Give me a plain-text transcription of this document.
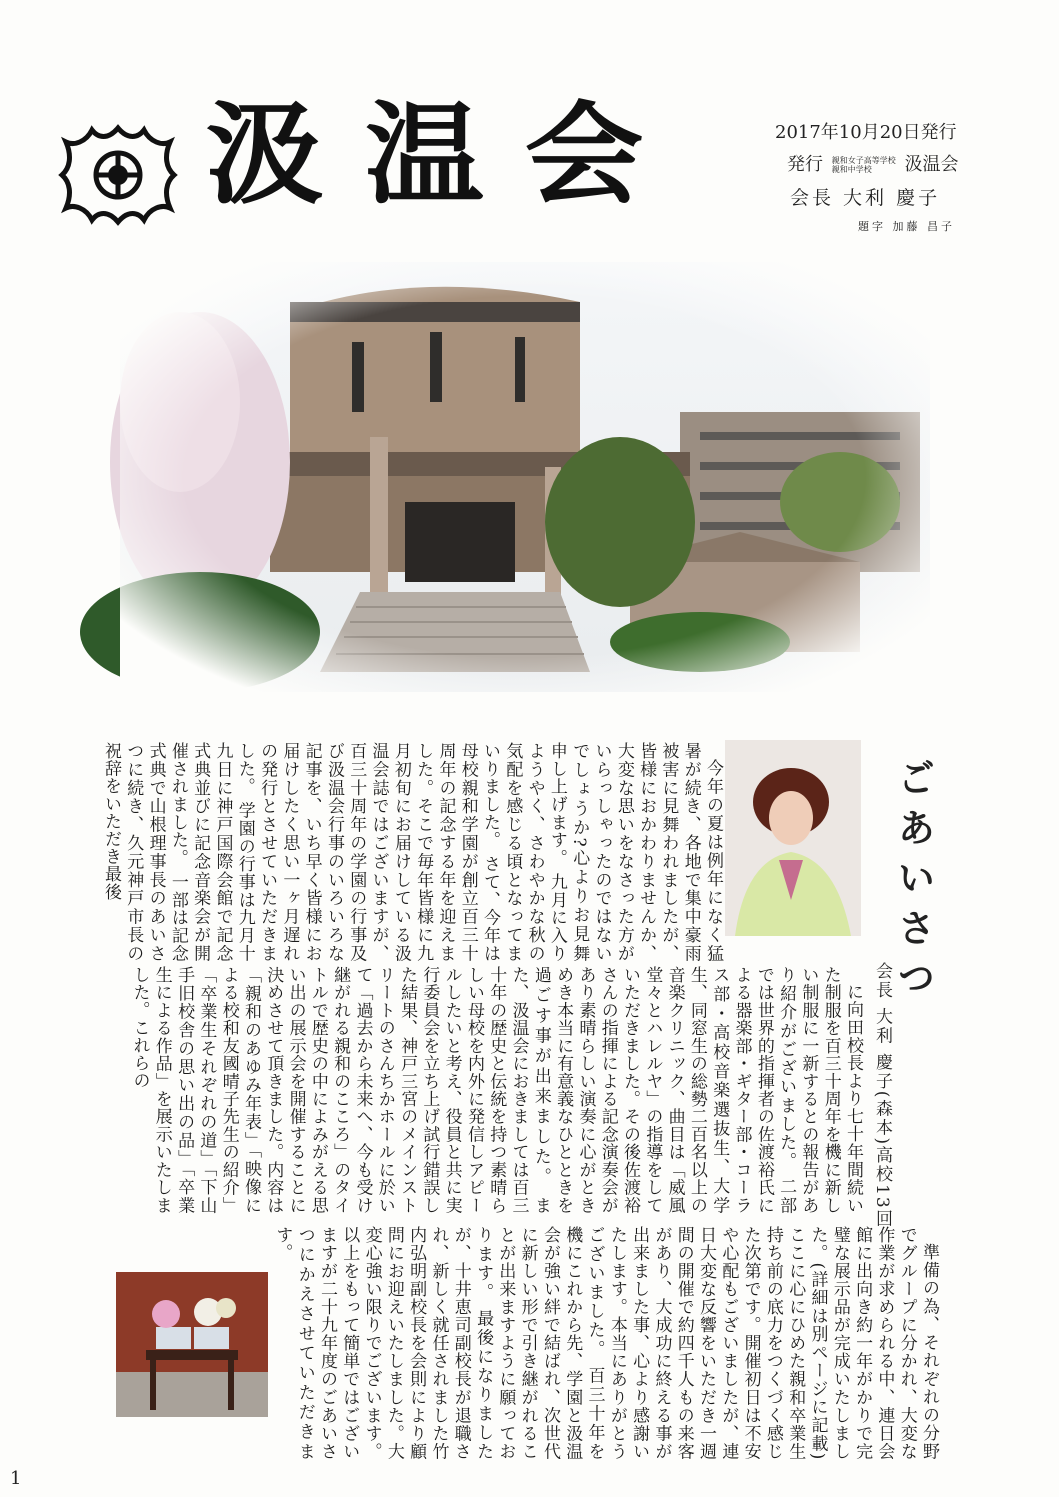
汲温会	2017年10月20日発行
発行 親和女子高等学校
親和中学校 汲温会
会長 大利 慶子
題字 加藤 昌子
ごあいさつ
会長 大利 慶子(森本)高校13回

今年の夏は例年になく猛暑が続き、各地で集中豪雨被害に見舞われましたが、皆様におかわりませんか、大変な思いをなさった方がいらっしゃったのではないでしょうか?心よりお見舞申し上げます。 九月に入りようやく、さわやかな秋の気配を感じる頃となってまいりました。 さて、今年は母校親和学園が創立百三十周年の記念する年を迎えました。そこで毎年皆様に九月初旬にお届けしている汲温会誌ではございますが、百三十周年の学園の行事及び汲温会行事のいろいろな記事を、いち早く皆様にお届けしたく思い一ヶ月遅れの発行とさせていただきました。 学園の行事は九月十九日に神戸国際会館で記念式典並びに記念音楽会が開催されました。 一部は記念式典で山根理事長のあいさつに続き、久元神戸市長の祝辞をいただき最後

に向田校長より七十年間続いた制服を百三十周年を機に新しい制服に一新するとの報告があり紹介がございました。 二部では世界的指揮者の佐渡裕氏による器楽部・ギター部・コーラス部・高校音楽選抜生、大学生、同窓生の総勢二百名以上の音楽クリニック、曲目は「威風堂々とハレルヤ」の指導をしていただきました。その後佐渡裕さんの指揮による記念演奏会があり素晴らしい演奏に心がときめき本当に有意義なひとときを過ごす事が出来ました。 また、汲温会におきましては百三十年の歴史と伝統を持つ素晴らしい母校を内外に発信しアピールしたいと考え、役員と共に実行委員会を立ち上げ試行錯誤した結果、神戸三宮のメインストリートのさんちかホールに於いて「過去から未来へ、今も受け継がれる親和のこころ」のタイトルで歴史の中によみがえる思い出の展示会を開催することに決めさせて頂きました。内容は「親和のあゆみ年表」「映像による校和友國晴子先生の紹介」「卒業生それぞれの道」「下山手旧校舎の思い出の品」「卒業生による作品」を展示いたしました。これらの

準備の為、それぞれの分野でグループに分かれ、大変な作業が求められる中、連日会館に出向き約一年がかりで完璧な展示品が完成いたしました。(詳細は別ページに記載)ここに心にひめた親和卒業生持ち前の底力をつくづく感じた次第です。開催初日は不安や心配もございましたが、連日大変な反響をいただき一週間の開催で約四千人もの来客があり、大成功に終える事が出来ました事、心より感謝いたします。本当にありがとうございました。 百三十年を機にこれから先、学園と汲温会が強い絆で結ばれ、次世代に新しい形で引き継がれることが出来ますように願っております。 最後になりましたが、十井恵司副校長が退職され、新しく就任されました竹内弘明副校長を会則により顧問にお迎えいたしました。大変心強い限りでございます。 以上をもって簡単ではございますが二十九年度のごあいさつにかえさせていただきます。

1
